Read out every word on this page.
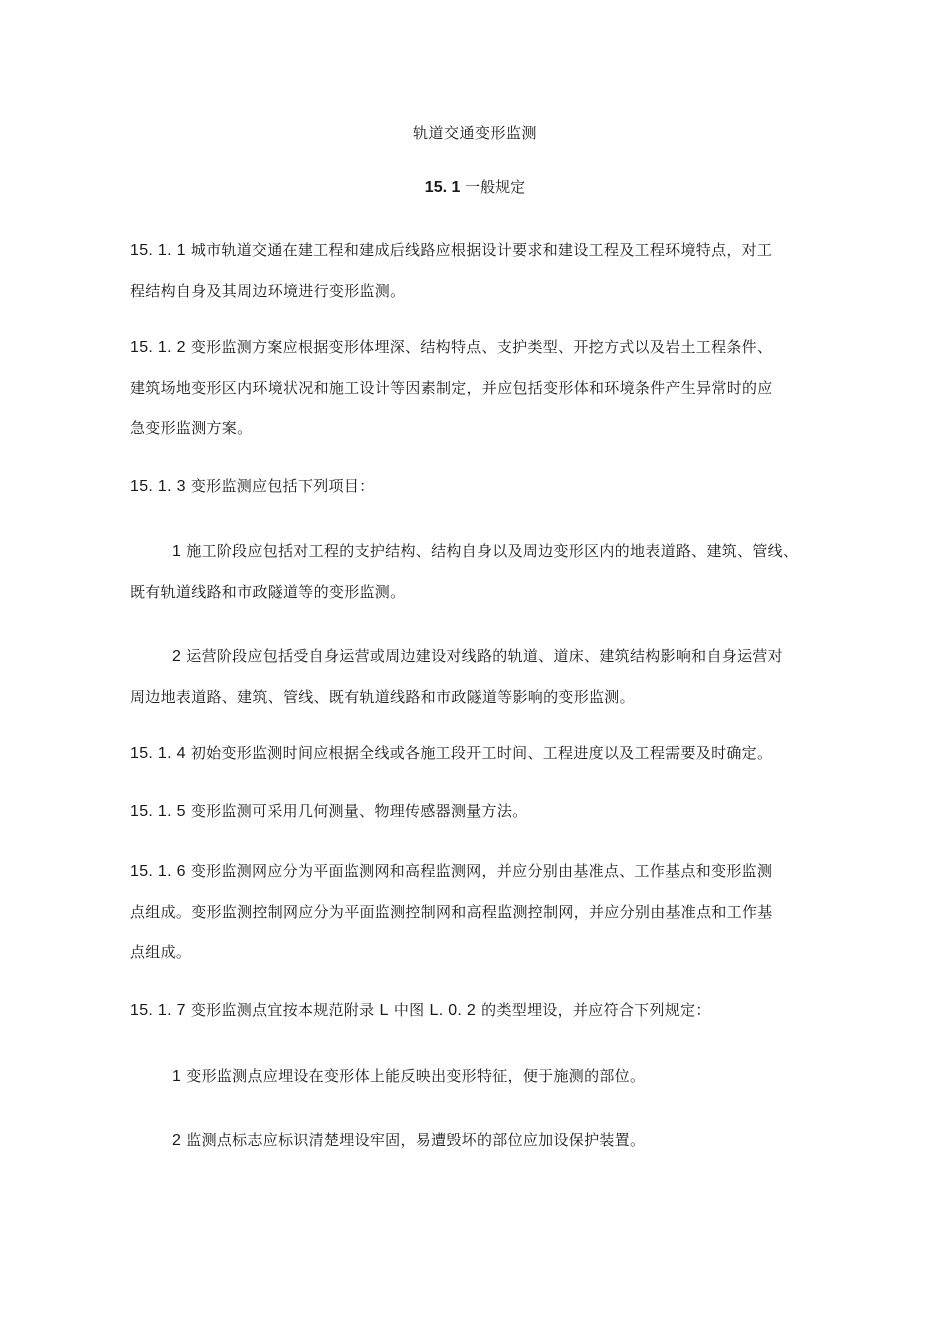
轨道交通变形监测
15. 1 一般规定
15. 1. 1 城市轨道交通在建工程和建成后线路应根据设计要求和建设工程及工程环境特点，对工
程结构自身及其周边环境进行变形监测。
15. 1. 2 变形监测方案应根据变形体埋深、结构特点、支护类型、开挖方式以及岩土工程条件、
建筑场地变形区内环境状况和施工设计等因素制定，并应包括变形体和环境条件产生异常时的应
急变形监测方案。
15. 1. 3 变形监测应包括下列项目：
1 施工阶段应包括对工程的支护结构、结构自身以及周边变形区内的地表道路、建筑、管线、
既有轨道线路和市政隧道等的变形监测。
2 运营阶段应包括受自身运营或周边建设对线路的轨道、道床、建筑结构影响和自身运营对
周边地表道路、建筑、管线、既有轨道线路和市政隧道等影响的变形监测。
15. 1. 4 初始变形监测时间应根据全线或各施工段开工时间、工程进度以及工程需要及时确定。
15. 1. 5 变形监测可采用几何测量、物理传感器测量方法。
15. 1. 6 变形监测网应分为平面监测网和高程监测网，并应分别由基准点、工作基点和变形监测
点组成。变形监测控制网应分为平面监测控制网和高程监测控制网，并应分别由基准点和工作基
点组成。
15. 1. 7 变形监测点宜按本规范附录 L 中图 L. 0. 2 的类型埋设，并应符合下列规定：
1 变形监测点应埋设在变形体上能反映出变形特征，便于施测的部位。
2 监测点标志应标识清楚埋设牢固，易遭毁坏的部位应加设保护装置。
